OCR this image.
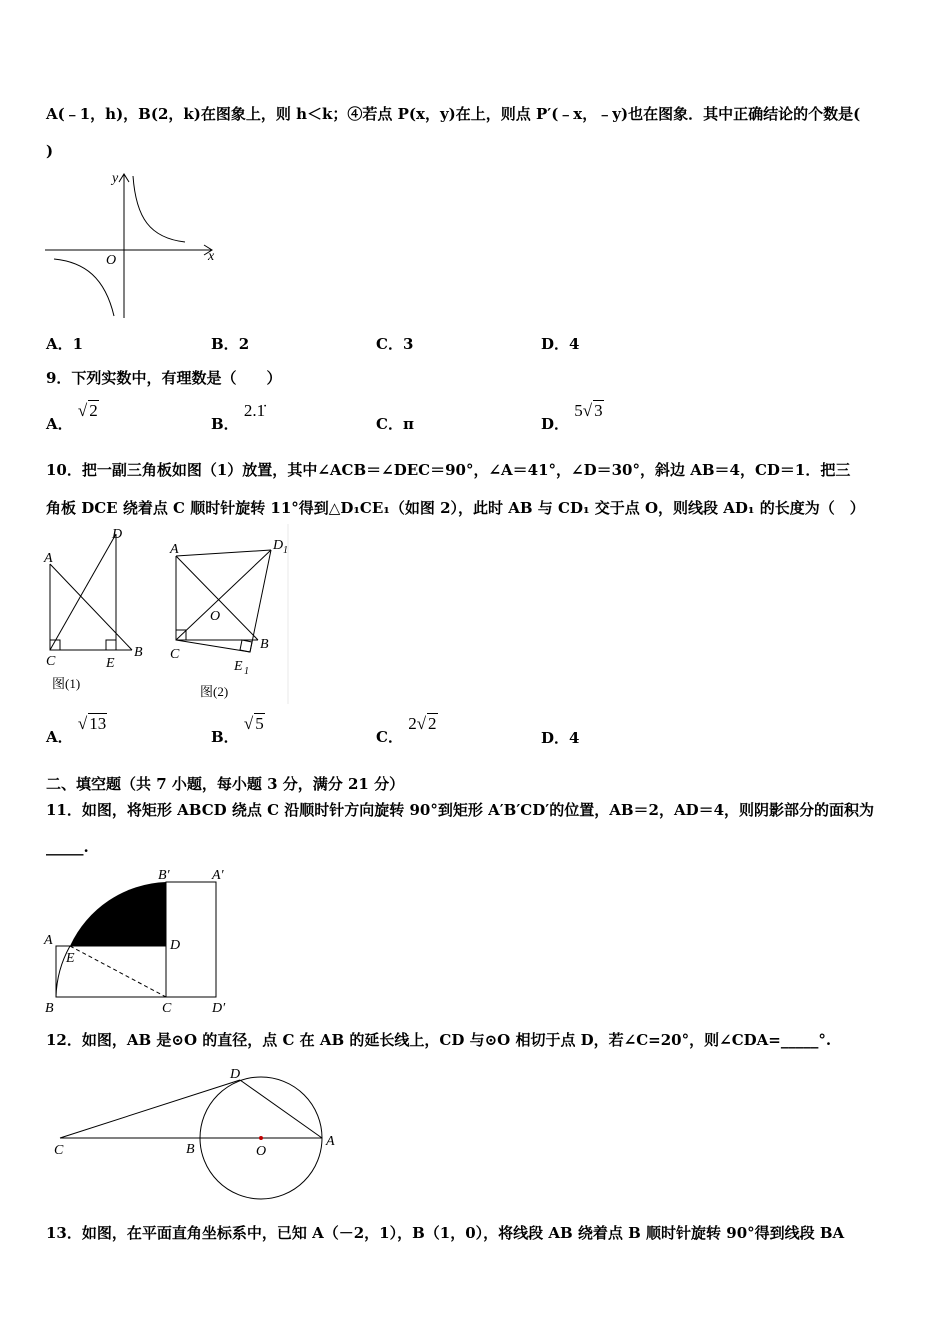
A(﹣1，h)，B(2，k)在图象上，则 h＜k；④若点 P(x，y)在上，则点 P′(﹣x，﹣y)也在图象．其中正确结论的个数是(
)
y
x
O
A．1	B．2	C．3	D．4
9．下列实数中，有理数是（　　）
A． √ 2
B． 2.1̇
C．π	D． 5√ 3
10．把一副三角板如图（1）放置，其中∠ACB＝∠DEC＝90°，∠A＝41°，∠D＝30°，斜边 AB＝4，CD＝1．把三
角板 DCE 绕着点 C 顺时针旋转 11°得到△D₁CE₁（如图 2），此时 AB 与 CD₁ 交于点 O，则线段 AD₁ 的长度为（　）
A
D
C	E
B
图(1)
A	D 1
O
C
B
E 1
图(2)
A． √ 13
B． √ 5
C． 2√ 2
D．4
二、填空题（共 7 小题，每小题 3 分，满分 21 分）
11．如图，将矩形 ABCD 绕点 C 沿顺时针方向旋转 90°到矩形 A′B′CD′的位置，AB＝2，AD＝4，则阴影部分的面积为
_____.
B′	A′
A	D
E
B	C	D′
12．如图，AB 是⊙O 的直径，点 C 在 AB 的延长线上，CD 与⊙O 相切于点 D，若∠C=20°，则∠CDA=_____°.
D
C	B	O
A
13．如图，在平面直角坐标系中，已知 A（－2，1），B（1，0），将线段 AB 绕着点 B 顺时针旋转 90°得到线段 BA
